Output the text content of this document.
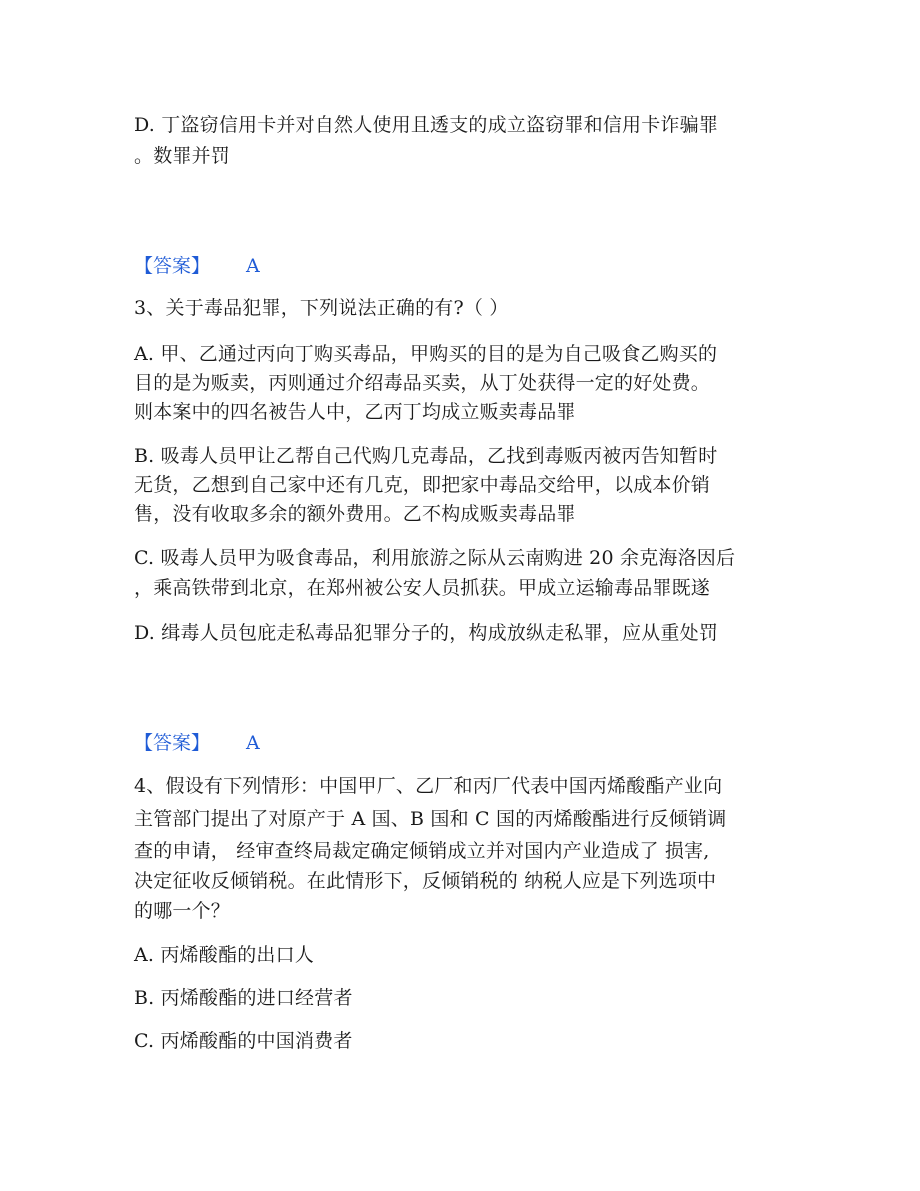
D. 丁盗窃信用卡并对自然人使用且透支的成立盗窃罪和信用卡诈骗罪
。数罪并罚
【答案】 A
3、关于毒品犯罪，下列说法正确的有?（ ）
A. 甲、乙通过丙向丁购买毒品，甲购买的目的是为自己吸食乙购买的
目的是为贩卖，丙则通过介绍毒品买卖，从丁处获得一定的好处费。
则本案中的四名被告人中，乙丙丁均成立贩卖毒品罪
B. 吸毒人员甲让乙帮自己代购几克毒品，乙找到毒贩丙被丙告知暂时
无货，乙想到自己家中还有几克，即把家中毒品交给甲，以成本价销
售，没有收取多余的额外费用。乙不构成贩卖毒品罪
C. 吸毒人员甲为吸食毒品，利用旅游之际从云南购进 20 余克海洛因后
，乘高铁带到北京，在郑州被公安人员抓获。甲成立运输毒品罪既遂
D. 缉毒人员包庇走私毒品犯罪分子的，构成放纵走私罪，应从重处罚
【答案】 A
4、假设有下列情形：中国甲厂、乙厂和丙厂代表中国丙烯酸酯产业向
主管部门提出了对原产于 A 国、B 国和 C 国的丙烯酸酯进行反倾销调
查的申请， 经审查终局裁定确定倾销成立并对国内产业造成了 损害,
决定征收反倾销税。在此情形下，反倾销税的 纳税人应是下列选项中
的哪一个？
A. 丙烯酸酯的出口人
B. 丙烯酸酯的进口经营者
C. 丙烯酸酯的中国消费者
